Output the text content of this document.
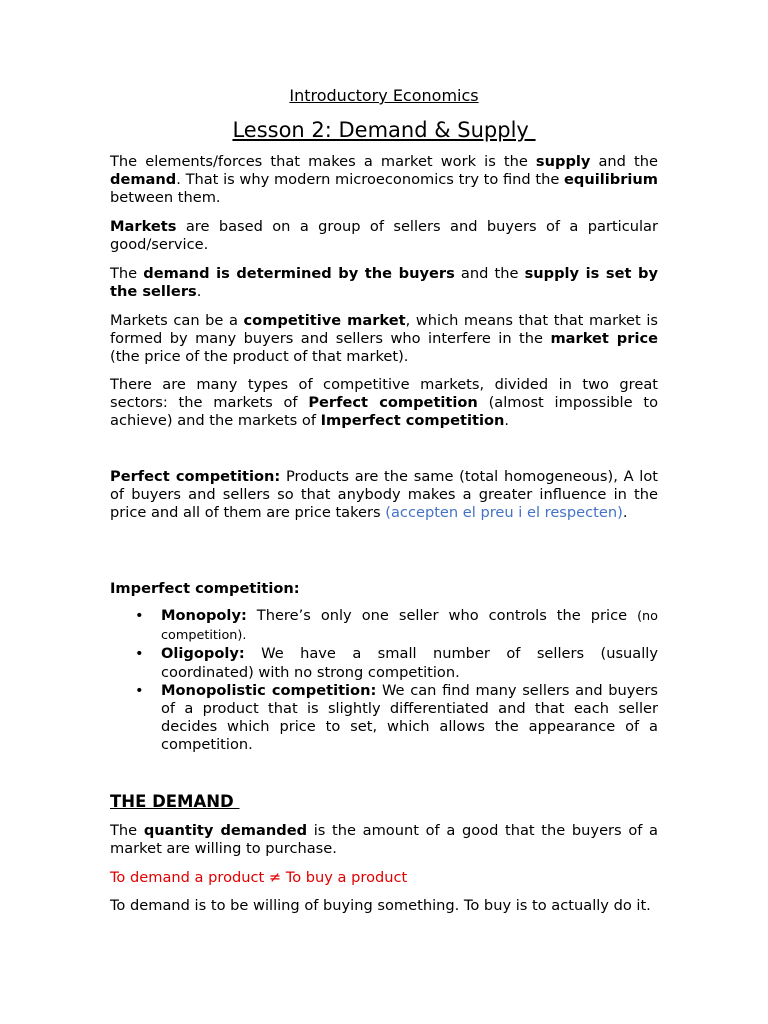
Introductory Economics
Lesson 2: Demand & Supply
The elements/forces that makes a market work is the supply and the demand. That is why modern microeconomics try to find the equilibrium between them.
Markets are based on a group of sellers and buyers of a particular good/service.
The demand is determined by the buyers and the supply is set by the sellers.
Markets can be a competitive market, which means that that market is formed by many buyers and sellers who interfere in the market price (the price of the product of that market).
There are many types of competitive markets, divided in two great sectors: the markets of Perfect competition (almost impossible to achieve) and the markets of Imperfect competition.
Perfect competition: Products are the same (total homogeneous), A lot of buyers and sellers so that anybody makes a greater influence in the price and all of them are price takers (accepten el preu i el respecten).
Imperfect competition:
• Monopoly: There’s only one seller who controls the price (no competition).
• Oligopoly: We have a small number of sellers (usually coordinated) with no strong competition.
• Monopolistic competition: We can find many sellers and buyers of a product that is slightly differentiated and that each seller decides which price to set, which allows the appearance of a competition.
THE DEMAND
The quantity demanded is the amount of a good that the buyers of a market are willing to purchase.
To demand a product ≠ To buy a product
To demand is to be willing of buying something. To buy is to actually do it.
